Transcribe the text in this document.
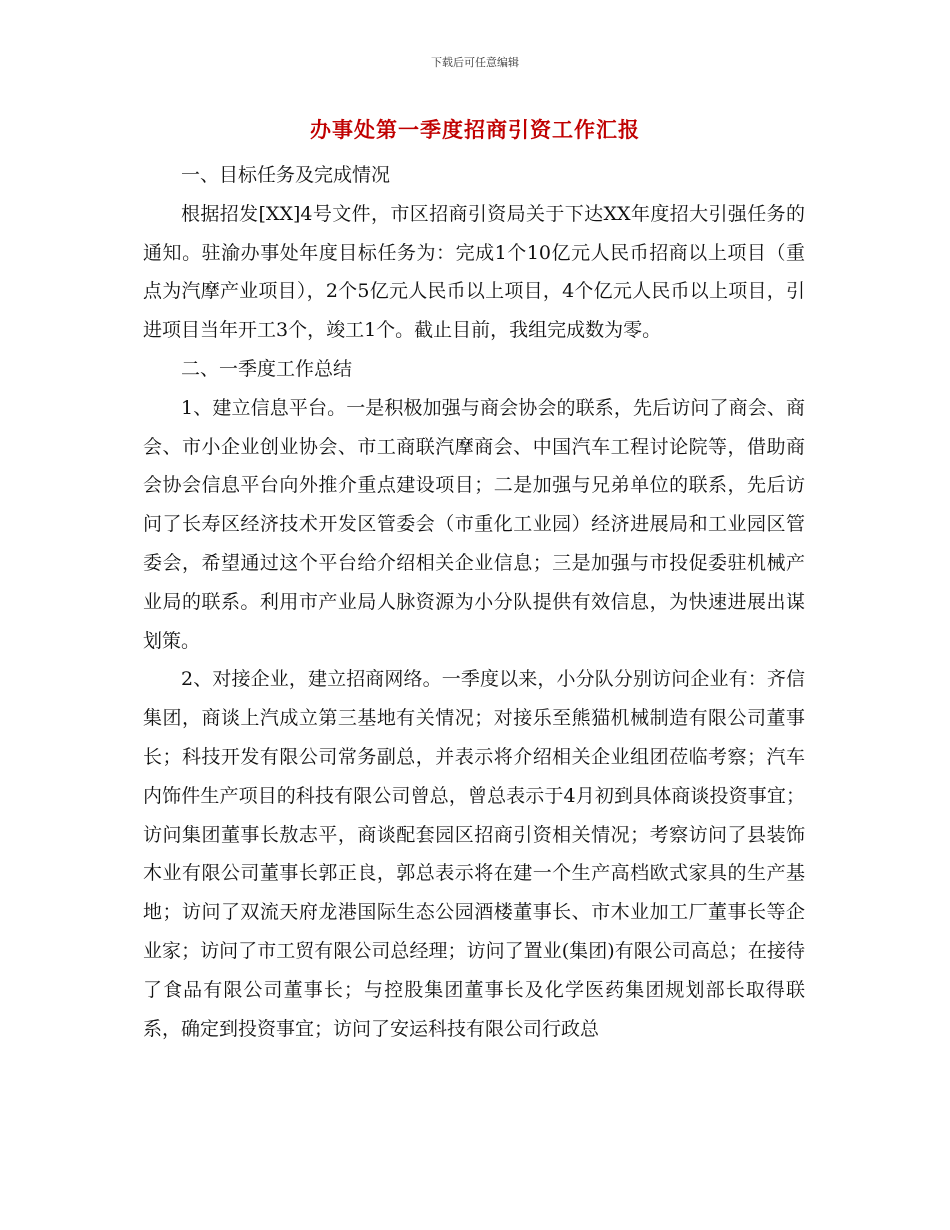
下载后可任意编辑
办事处第一季度招商引资工作汇报

一、目标任务及完成情况

根据招发[XX]4号文件，市区招商引资局关于下达XX年度招大引强任务的通知。驻渝办事处年度目标任务为：完成1个10亿元人民币招商以上项目（重点为汽摩产业项目），2个5亿元人民币以上项目，4个亿元人民币以上项目，引进项目当年开工3个，竣工1个。截止目前，我组完成数为零。

二、一季度工作总结

1、建立信息平台。一是积极加强与商会协会的联系，先后访问了商会、商会、市小企业创业协会、市工商联汽摩商会、中国汽车工程讨论院等，借助商会协会信息平台向外推介重点建设项目；二是加强与兄弟单位的联系，先后访问了长寿区经济技术开发区管委会（市重化工业园）经济进展局和工业园区管委会，希望通过这个平台给介绍相关企业信息；三是加强与市投促委驻机械产业局的联系。利用市产业局人脉资源为小分队提供有效信息，为快速进展出谋划策。

2、对接企业，建立招商网络。一季度以来，小分队分别访问企业有：齐信集团，商谈上汽成立第三基地有关情况；对接乐至熊猫机械制造有限公司董事长；科技开发有限公司常务副总，并表示将介绍相关企业组团莅临考察；汽车内饰件生产项目的科技有限公司曾总，曾总表示于4月初到具体商谈投资事宜；访问集团董事长敖志平，商谈配套园区招商引资相关情况；考察访问了县装饰木业有限公司董事长郭正良，郭总表示将在建一个生产高档欧式家具的生产基地；访问了双流天府龙港国际生态公园酒楼董事长、市木业加工厂董事长等企业家；访问了市工贸有限公司总经理；访问了置业(集团)有限公司高总；在接待了食品有限公司董事长；与控股集团董事长及化学医药集团规划部长取得联系，确定到投资事宜；访问了安运科技有限公司行政总
